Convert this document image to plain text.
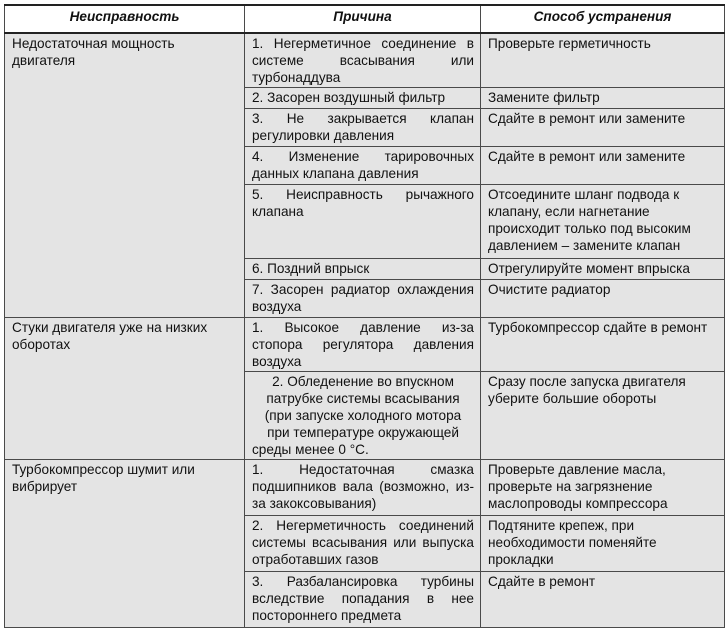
Неисправность	Причина	Способ устранения
Недостаточная мощность двигателя	1. Негерметичное соединение в системе всасывания или турбонаддува	Проверьте герметичность
	2. Засорен воздушный фильтр	Замените фильтр
	3. Не закрывается клапан регулировки давления	Сдайте в ремонт или замените
	4. Изменение тарировочных данных клапана давления	Сдайте в ремонт или замените
	5. Неисправность рычажного клапана	Отсоедините шланг подвода к клапану, если нагнетание происходит только под высоким давлением – замените клапан
	6. Поздний впрыск	Отрегулируйте момент впрыска
	7. Засорен радиатор охлаждения воздуха	Очистите радиатор
Стуки двигателя уже на низких оборотах	1. Высокое давление из-за стопора регулятора давления воздуха	Турбокомпрессор сдайте в ремонт
	2. Обледенение во впускном патрубке системы всасывания (при запуске холодного мотора при температуре окружающей среды менее 0 °С.	Сразу после запуска двигателя уберите большие обороты
Турбокомпрессор шумит или вибрирует	1. Недостаточная смазка подшипников вала (возможно, из-за закоксовывания)	Проверьте давление масла, проверьте на загрязнение маслопроводы компрессора
	2. Негерметичность соединений системы всасывания или выпуска отработавших газов	Подтяните крепеж, при необходимости поменяйте прокладки
	3. Разбалансировка турбины вследствие попадания в нее постороннего предмета	Сдайте в ремонт
